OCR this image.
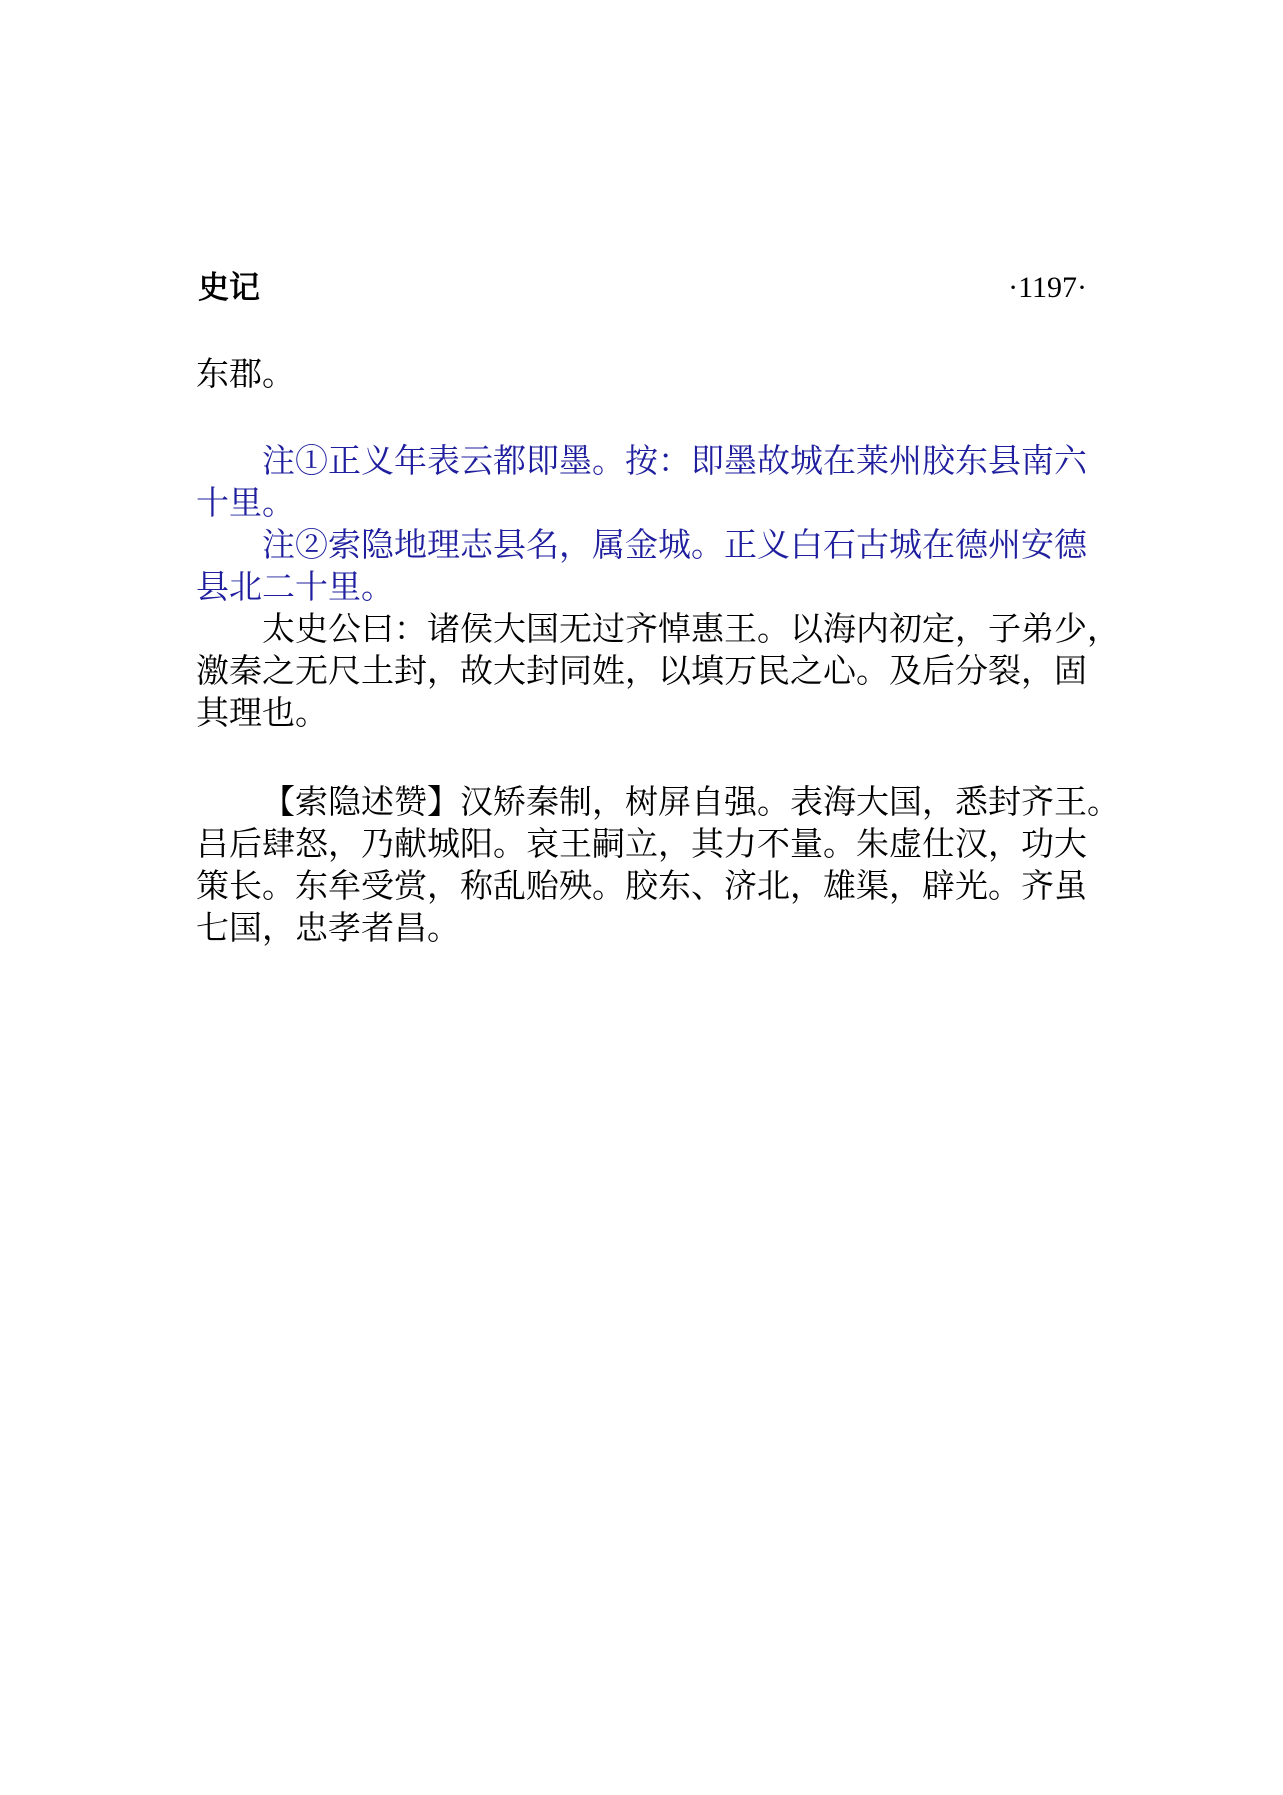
史记	·1197·
东郡。
注①正义年表云都即墨。按：即墨故城在莱州胶东县南六
十里。
注②索隐地理志县名，属金城。正义白石古城在德州安德
县北二十里。
太史公曰：诸侯大国无过齐悼惠王。以海内初定，子弟少，
激秦之无尺土封，故大封同姓，以填万民之心。及后分裂，固
其理也。
【索隐述赞】汉矫秦制，树屏自强。表海大国，悉封齐王。
吕后肆怒，乃献城阳。哀王嗣立，其力不量。朱虚仕汉，功大
策长。东牟受赏，称乱贻殃。胶东、济北，雄渠，辟光。齐虽
七国，忠孝者昌。
